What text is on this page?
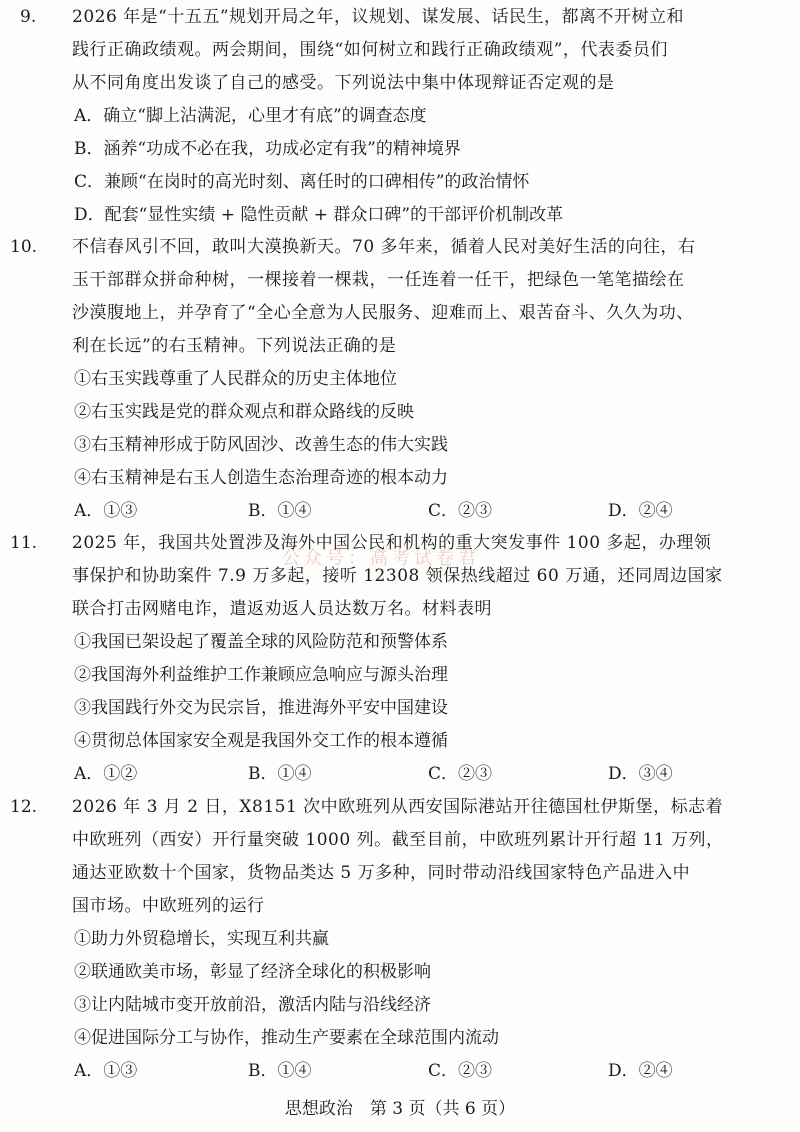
9. 2026 年是“十五五”规划开局之年，议规划、谋发展、话民生，都离不开树立和
践行正确政绩观。两会期间，围绕“如何树立和践行正确政绩观”，代表委员们
从不同角度出发谈了自己的感受。下列说法中集中体现辩证否定观的是
A．确立“脚上沾满泥，心里才有底”的调查态度
B．涵养“功成不必在我，功成必定有我”的精神境界
C．兼顾“在岗时的高光时刻、离任时的口碑相传”的政治情怀
D．配套“显性实绩 + 隐性贡献 + 群众口碑”的干部评价机制改革
10. 不信春风引不回，敢叫大漠换新天。70 多年来，循着人民对美好生活的向往，右
玉干部群众拼命种树，一棵接着一棵栽，一任连着一任干，把绿色一笔笔描绘在
沙漠腹地上，并孕育了“全心全意为人民服务、迎难而上、艰苦奋斗、久久为功、
利在长远”的右玉精神。下列说法正确的是
①右玉实践尊重了人民群众的历史主体地位
②右玉实践是党的群众观点和群众路线的反映
③右玉精神形成于防风固沙、改善生态的伟大实践
④右玉精神是右玉人创造生态治理奇迹的根本动力
A．①③	B．①④	C．②③	D．②④
公众号：高考试卷君
11. 2025 年，我国共处置涉及海外中国公民和机构的重大突发事件 100 多起，办理领
事保护和协助案件 7.9 万多起，接听 12308 领保热线超过 60 万通，还同周边国家
联合打击网赌电诈，遣返劝返人员达数万名。材料表明
①我国已架设起了覆盖全球的风险防范和预警体系
②我国海外利益维护工作兼顾应急响应与源头治理
③我国践行外交为民宗旨，推进海外平安中国建设
④贯彻总体国家安全观是我国外交工作的根本遵循
A．①②	B．①④	C．②③	D．③④
12. 2026 年 3 月 2 日，X8151 次中欧班列从西安国际港站开往德国杜伊斯堡，标志着
中欧班列（西安）开行量突破 1000 列。截至目前，中欧班列累计开行超 11 万列，
通达亚欧数十个国家，货物品类达 5 万多种，同时带动沿线国家特色产品进入中
国市场。中欧班列的运行
①助力外贸稳增长，实现互利共赢
②联通欧美市场，彰显了经济全球化的积极影响
③让内陆城市变开放前沿，激活内陆与沿线经济
④促进国际分工与协作，推动生产要素在全球范围内流动
A．①③	B．①④	C．②③	D．②④
思想政治　第 3 页（共 6 页）
